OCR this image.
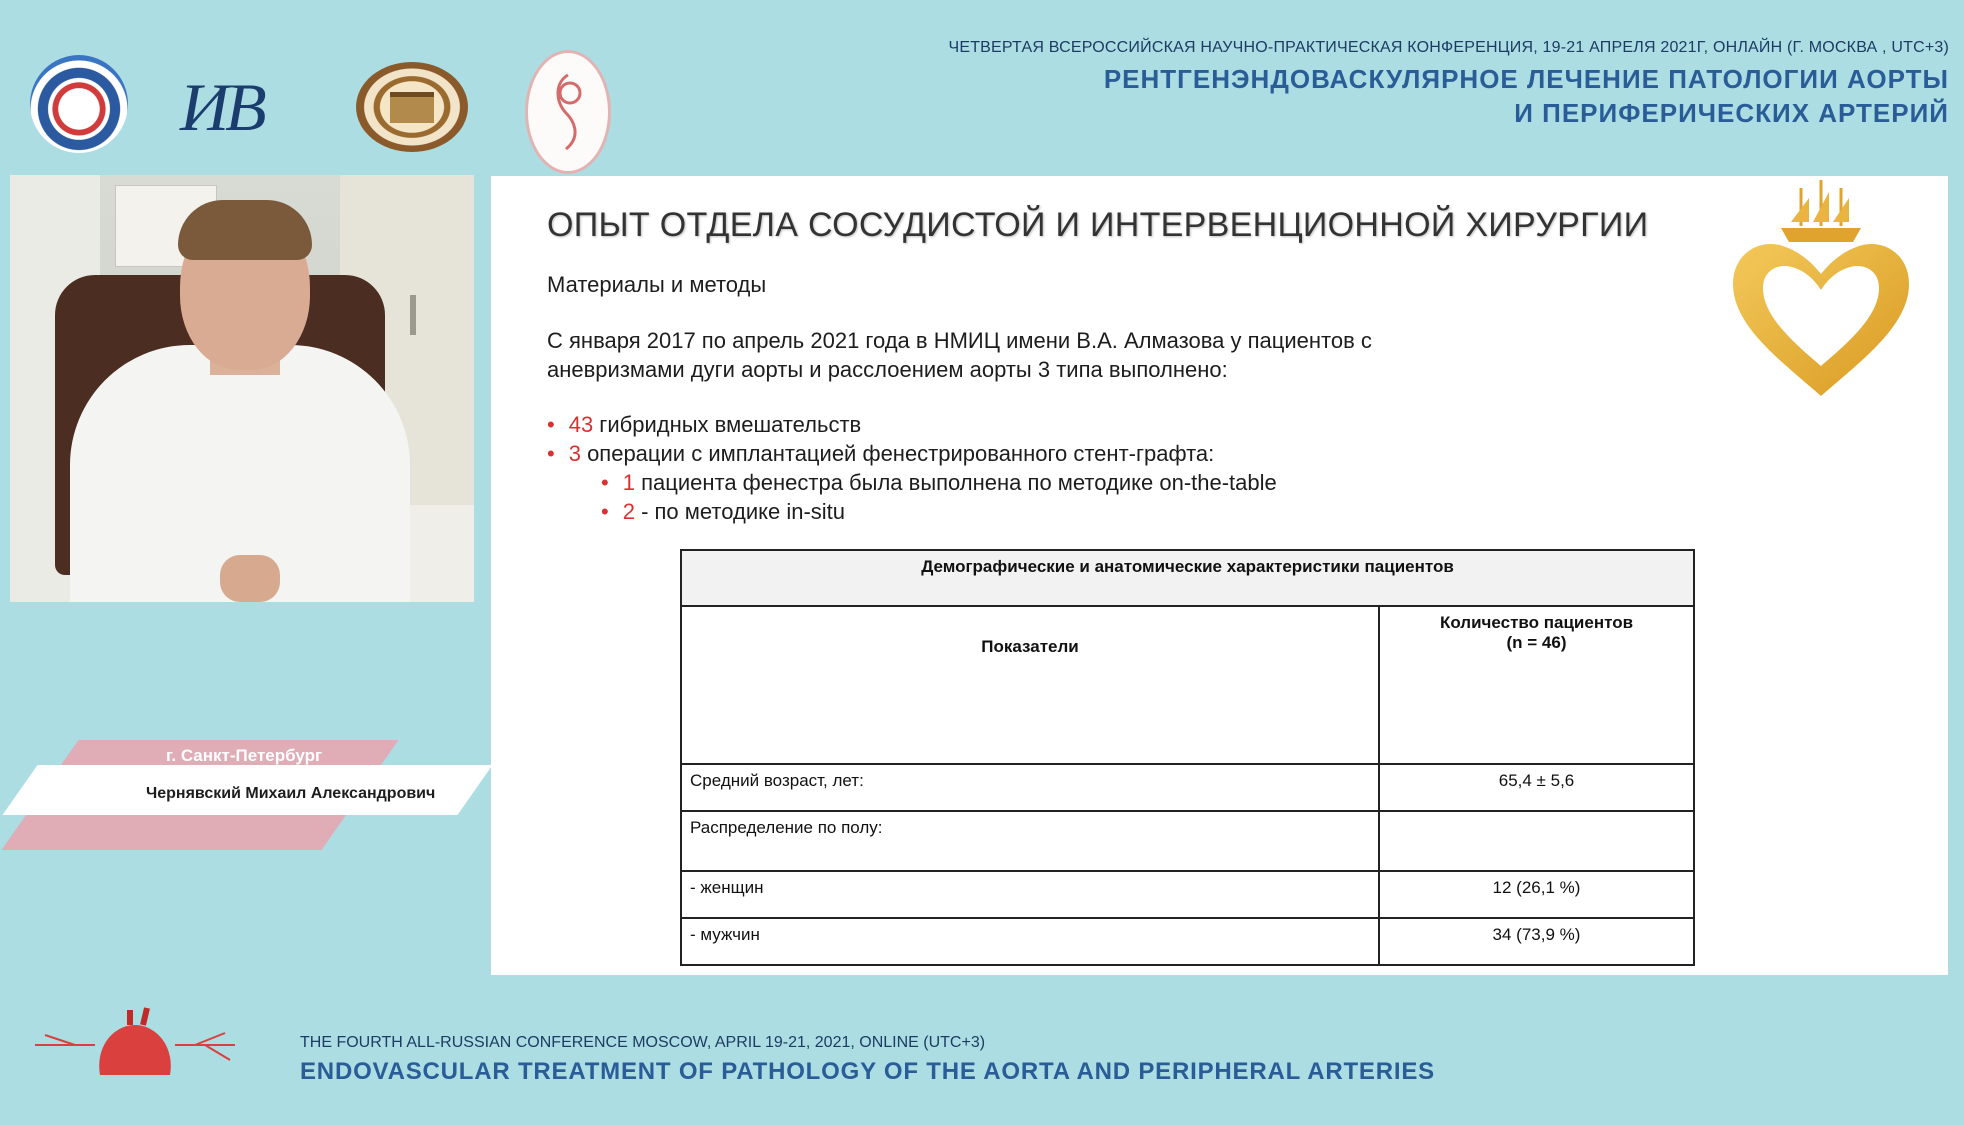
ИВ
ЧЕТВЕРТАЯ ВСЕРОССИЙСКАЯ НАУЧНО-ПРАКТИЧЕСКАЯ КОНФЕРЕНЦИЯ, 19-21 АПРЕЛЯ 2021Г, ОНЛАЙН (Г. МОСКВА , UTC+3)
РЕНТГЕНЭНДОВАСКУЛЯРНОЕ ЛЕЧЕНИЕ ПАТОЛОГИИ АОРТЫ
И ПЕРИФЕРИЧЕСКИХ АРТЕРИЙ
г. Санкт-Петербург
Чернявский Михаил Александрович
ОПЫТ ОТДЕЛА СОСУДИСТОЙ И ИНТЕРВЕНЦИОННОЙ ХИРУРГИИ
Материалы и методы
С января 2017 по апрель 2021 года в НМИЦ имени В.А. Алмазова у пациентов с
аневризмами дуги аорты и расслоением аорты 3 типа выполнено:
• 43 гибридных вмешательств
• 3 операции с имплантацией фенестрированного стент-графта:
• 1 пациента фенестра была выполнена по методике on-the-table
• 2 - по методике in-situ
Демографические и анатомические характеристики пациентов	
Показатели	Количество пациентов
(n = 46)

Средний возраст, лет:	65,4 ± 5,6
Распределение по полу:	
- женщин	12 (26,1 %)
- мужчин	34 (73,9 %)
THE FOURTH ALL-RUSSIAN CONFERENCE MOSCOW, APRIL 19-21, 2021, ONLINE (UTC+3)
ENDOVASCULAR TREATMENT OF PATHOLOGY OF THE AORTA AND PERIPHERAL ARTERIES
